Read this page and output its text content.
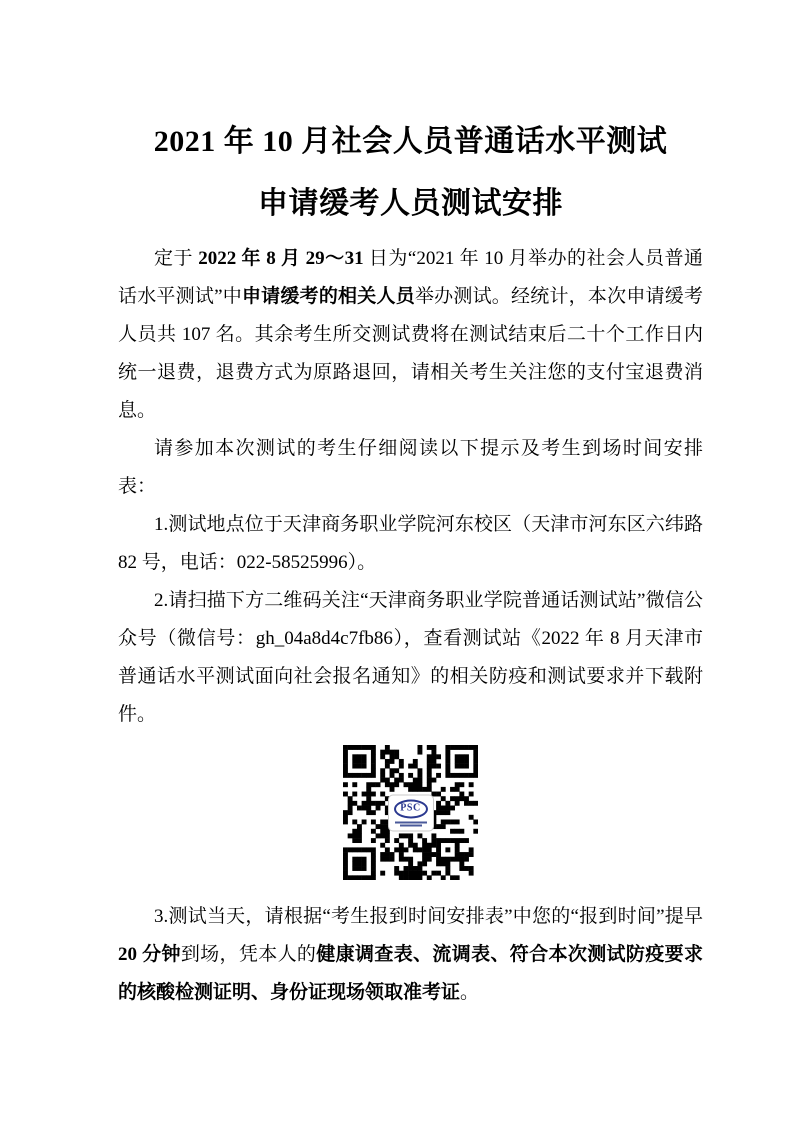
2021 年 10 月社会人员普通话水平测试
申请缓考人员测试安排

定于 2022 年 8 月 29～31 日为“2021 年 10 月举办的社会人员普通话水平测试”中申请缓考的相关人员举办测试。经统计，本次申请缓考人员共 107 名。其余考生所交测试费将在测试结束后二十个工作日内统一退费，退费方式为原路退回，请相关考生关注您的支付宝退费消息。

请参加本次测试的考生仔细阅读以下提示及考生到场时间安排表：

1.测试地点位于天津商务职业学院河东校区（天津市河东区六纬路 82 号，电话：022-58525996）。

2.请扫描下方二维码关注“天津商务职业学院普通话测试站”微信公众号（微信号：gh_04a8d4c7fb86），查看测试站《2022 年 8 月天津市普通话水平测试面向社会报名通知》的相关防疫和测试要求并下载附件。

PSC

3.测试当天，请根据“考生报到时间安排表”中您的“报到时间”提早 20 分钟到场，凭本人的健康调查表、流调表、符合本次测试防疫要求的核酸检测证明、身份证现场领取准考证。
